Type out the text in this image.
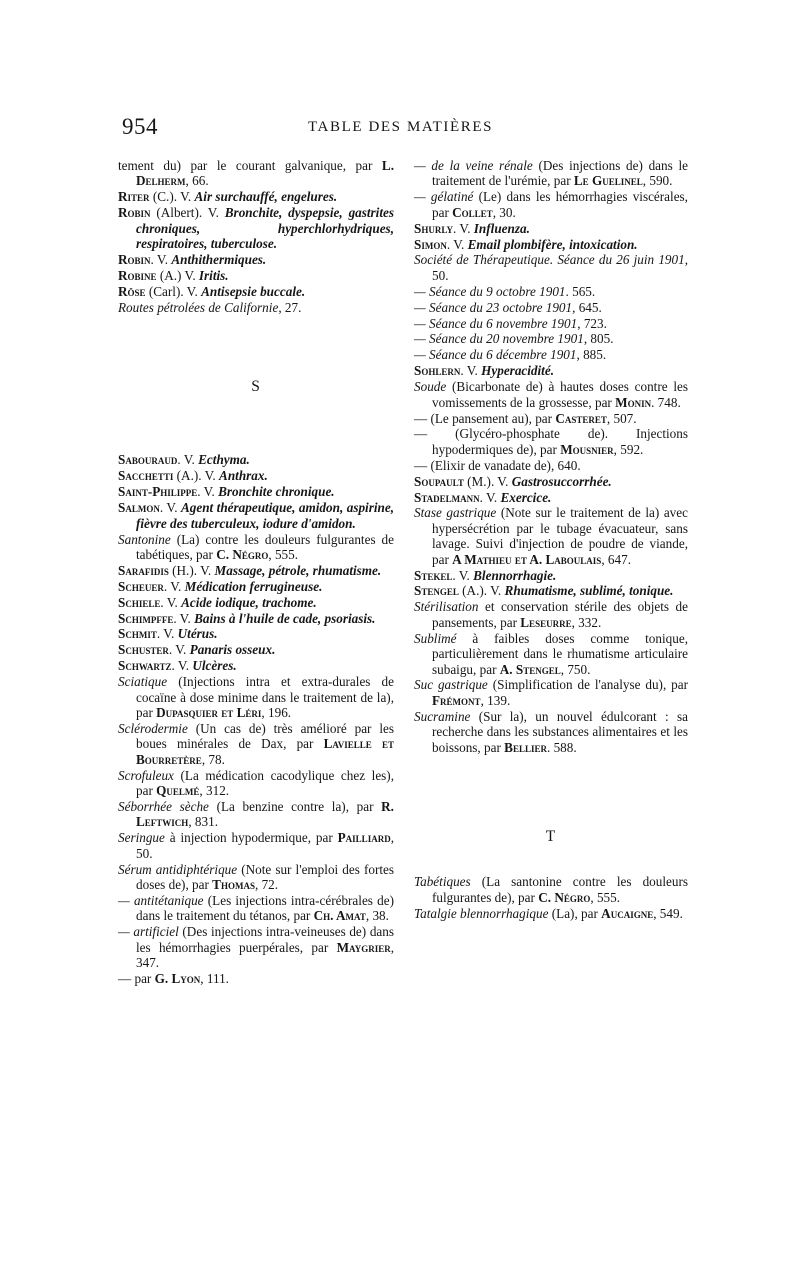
954	TABLE DES MATIÈRES
tement du) par le courant galvanique, par L. Delherm, 66.
Riter (C.). V. Air surchauffé, engelures.
Robin (Albert). V. Bronchite, dyspepsie, gastrites chroniques, hyperchlorhydriques, respiratoires, tuberculose.
Robin. V. Anthithermiques.
Robine (A.) V. Iritis.
Röse (Carl). V. Antisepsie buccale.
Routes pétrolées de Californie, 27.
S
Sabouraud. V. Ecthyma.
Sacchetti (A.). V. Anthrax.
Saint-Philippe. V. Bronchite chronique.
Salmon. V. Agent thérapeutique, amidon, aspirine, fièvre des tuberculeux, iodure d'amidon.
Santonine (La) contre les douleurs fulgurantes de tabétiques, par C. Négro, 555.
Sarafidis (H.). V. Massage, pétrole, rhumatisme.
Scheuer. V. Médication ferrugineuse.
Schiele. V. Acide iodique, trachome.
Schimpffe. V. Bains à l'huile de cade, psoriasis.
Schmit. V. Utérus.
Schuster. V. Panaris osseux.
Schwartz. V. Ulcères.
Sciatique (Injections intra et extra-durales de cocaïne à dose minime dans le traitement de la), par Dupasquier et Léri, 196.
Sclérodermie (Un cas de) très amélioré par les boues minérales de Dax, par Lavielle et Bourretère, 78.
Scrofuleux (La médication cacodylique chez les), par Quelmé, 312.
Séborrhée sèche (La benzine contre la), par R. Leftwich, 831.
Seringue à injection hypodermique, par Pailliard, 50.
Sérum antidiphtérique (Note sur l'emploi des fortes doses de), par Thomas, 72.
— antitétanique (Les injections intra-cérébrales de) dans le traitement du tétanos, par Ch. Amat, 38.
— artificiel (Des injections intra-veineuses de) dans les hémorrhagies puerpérales, par Maygrier, 347.
— par G. Lyon, 111.
— de la veine rénale (Des injections de) dans le traitement de l'urémie, par Le Guelinel, 590.
— gélatiné (Le) dans les hémorrhagies viscérales, par Collet, 30.
Shurly. V. Influenza.
Simon. V. Email plombifère, intoxication.
Société de Thérapeutique. Séance du 26 juin 1901, 50.
— Séance du 9 octobre 1901. 565.
— Séance du 23 octobre 1901, 645.
— Séance du 6 novembre 1901, 723.
— Séance du 20 novembre 1901, 805.
— Séance du 6 décembre 1901, 885.
Sohlern. V. Hyperacidité.
Soude (Bicarbonate de) à hautes doses contre les vomissements de la grossesse, par Monin. 748.
— (Le pansement au), par Casteret, 507.
— (Glycéro-phosphate de). Injections hypodermiques de), par Mousnier, 592.
— (Elixir de vanadate de), 640.
Soupault (M.). V. Gastrosuccorrhée.
Stadelmann. V. Exercice.
Stase gastrique (Note sur le traitement de la) avec hypersécrétion par le tubage évacuateur, sans lavage. Suivi d'injection de poudre de viande, par A Mathieu et A. Laboulais, 647.
Stekel. V. Blennorrhagie.
Stengel (A.). V. Rhumatisme, sublimé, tonique.
Stérilisation et conservation stérile des objets de pansements, par Leseurre, 332.
Sublimé à faibles doses comme tonique, particulièrement dans le rhumatisme articulaire subaigu, par A. Stengel, 750.
Suc gastrique (Simplification de l'analyse du), par Frémont, 139.
Sucramine (Sur la), un nouvel édulcorant : sa recherche dans les substances alimentaires et les boissons, par Bellier. 588.
T
Tabétiques (La santonine contre les douleurs fulgurantes de), par C. Négro, 555.
Tatalgie blennorrhagique (La), par Aucaigne, 549.
